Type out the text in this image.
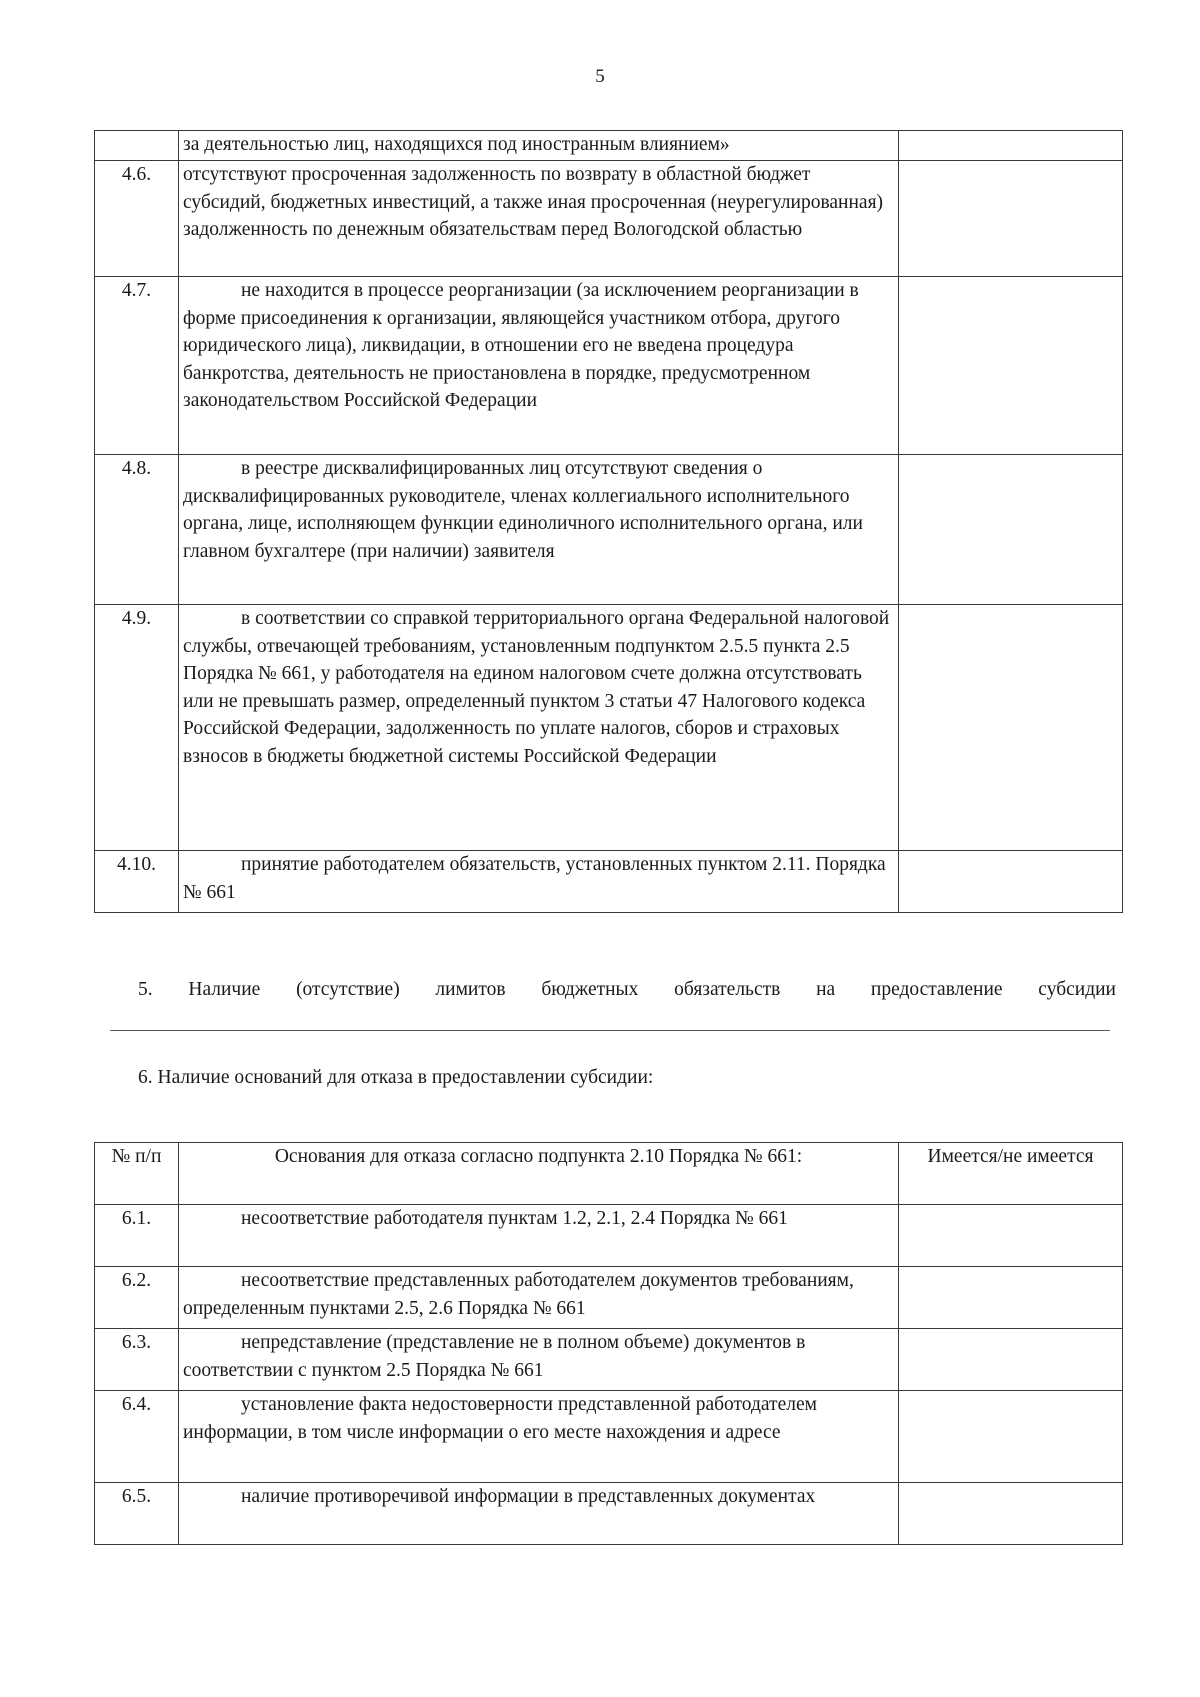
5
	за деятельностью лиц, находящихся под иностранным влиянием»	
4.6.	отсутствуют просроченная задолженность по возврату в областной бюджет субсидий, бюджетных инвестиций, а также иная просроченная (неурегулированная) задолженность по денежным обязательствам перед Вологодской областью	
4.7.	не находится в процессе реорганизации (за исключением реорганизации в форме присоединения к организации, являющейся участником отбора, другого юридического лица), ликвидации, в отношении его не введена процедура банкротства, деятельность не приостановлена в порядке, предусмотренном законодательством Российской Федерации	
4.8.	в реестре дисквалифицированных лиц отсутствуют сведения о дисквалифицированных руководителе, членах коллегиального исполнительного органа, лице, исполняющем функции единоличного исполнительного органа, или главном бухгалтере (при наличии) заявителя	
4.9.	в соответствии со справкой территориального органа Федеральной налоговой службы, отвечающей требованиям, установленным подпунктом 2.5.5 пункта 2.5 Порядка № 661, у работодателя на едином налоговом счете должна отсутствовать или не превышать размер, определенный пунктом 3 статьи 47 Налогового кодекса Российской Федерации, задолженность по уплате налогов, сборов и страховых взносов в бюджеты бюджетной системы Российской Федерации	
4.10.	принятие работодателем обязательств, установленных пунктом 2.11. Порядка № 661	
5. Наличие (отсутствие) лимитов бюджетных обязательств на предоставление субсидии
6. Наличие оснований для отказа в предоставлении субсидии:
№ п/п	Основания для отказа согласно подпункта 2.10 Порядка № 661:	Имеется/не имеется
6.1.	несоответствие работодателя пунктам 1.2, 2.1, 2.4 Порядка № 661	
6.2.	несоответствие представленных работодателем документов требованиям, определенным пунктами 2.5, 2.6 Порядка № 661	
6.3.	непредставление (представление не в полном объеме) документов в соответствии с пунктом 2.5 Порядка № 661	
6.4.	установление факта недостоверности представленной работодателем информации, в том числе информации о его месте нахождения и адресе	
6.5.	наличие противоречивой информации в представленных документах	
